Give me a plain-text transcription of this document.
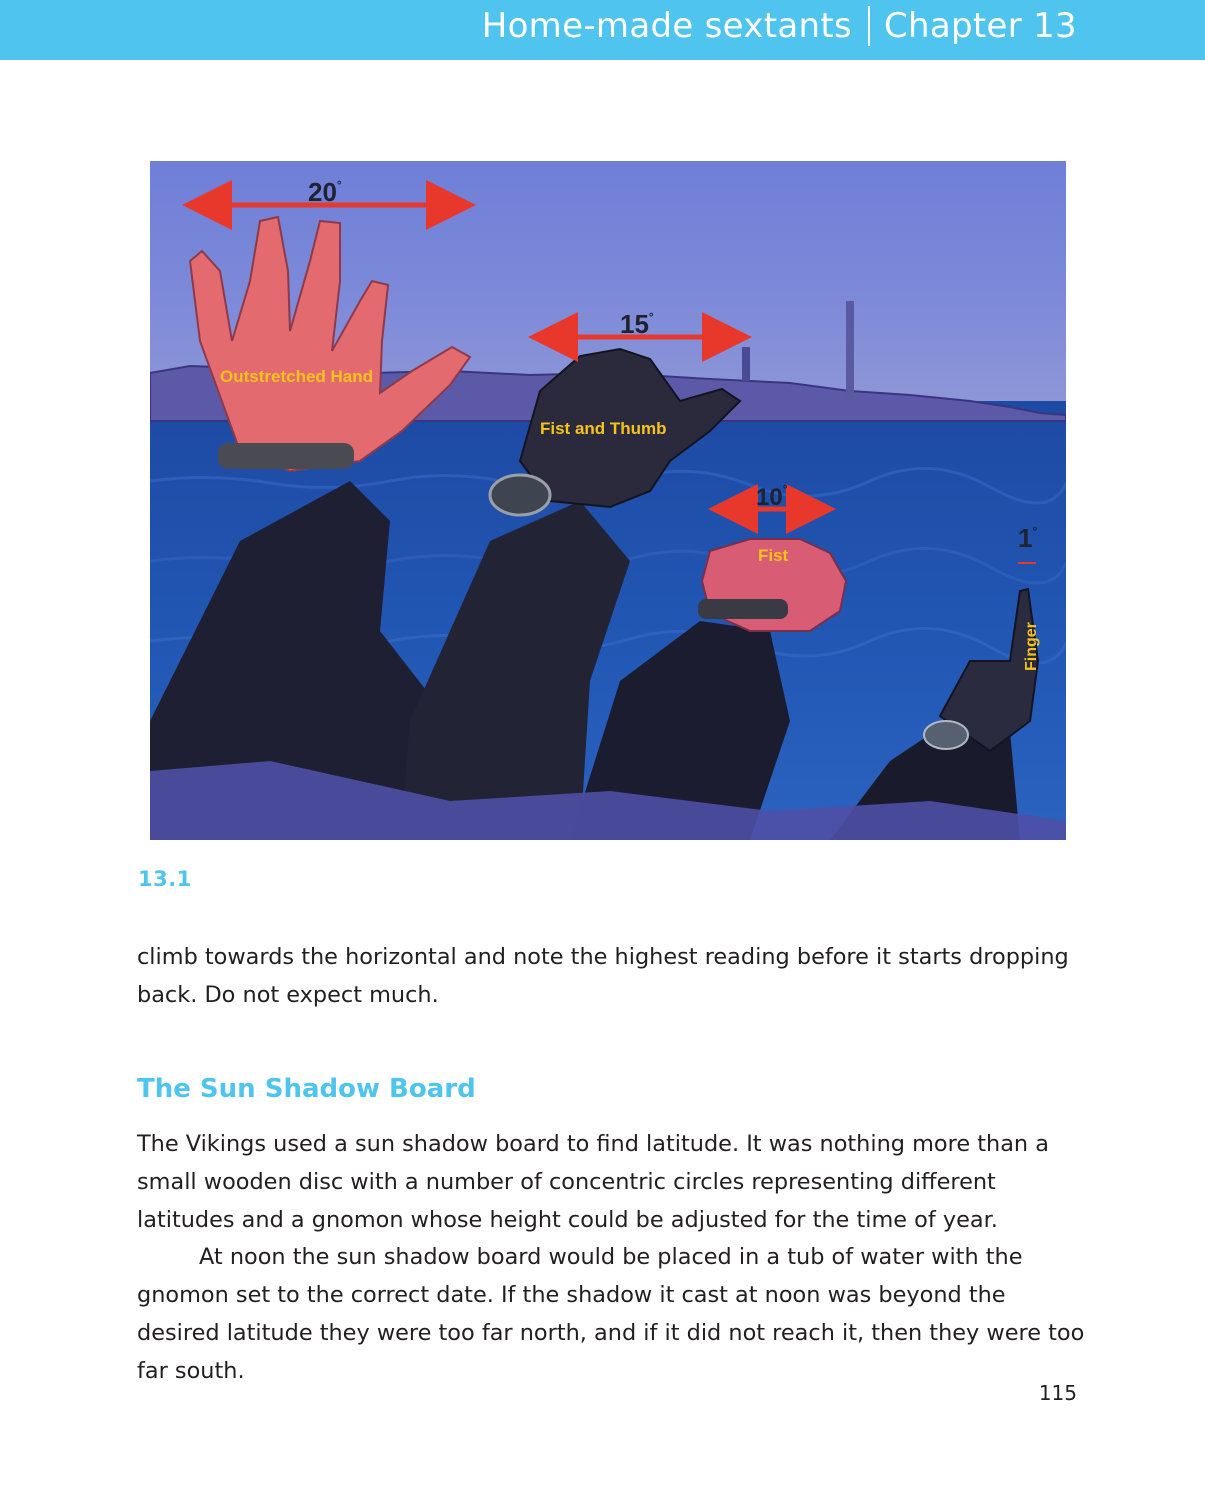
Home-made sextants Chapter 13
20°
15°
10°
1°
Outstretched Hand
Fist and Thumb
Fist
Finger
13.1

climb towards the horizontal and note the highest reading before it starts dropping back. Do not expect much.

The Sun Shadow Board

The Vikings used a sun shadow board to find latitude. It was nothing more than a small wooden disc with a number of concentric circles representing different latitudes and a gnomon whose height could be adjusted for the time of year.

At noon the sun shadow board would be placed in a tub of water with the gnomon set to the correct date. If the shadow it cast at noon was beyond the desired latitude they were too far north, and if it did not reach it, then they were too far south.

115
